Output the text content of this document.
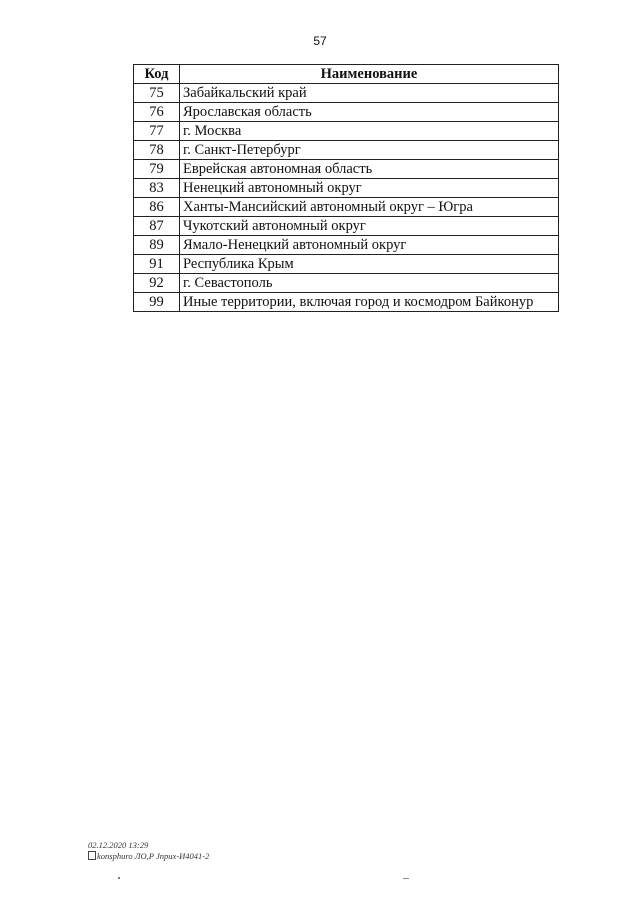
57
Код	Наименование
75	Забайкальский край
76	Ярославская область
77	г. Москва
78	г. Санкт-Петербург
79	Еврейская автономная область
83	Ненецкий автономный округ
86	Ханты-Мансийский автономный округ – Югра
87	Чукотский автономный округ
89	Ямало-Ненецкий автономный округ
91	Республика Крым
92	г. Севастополь
99	Иные территории, включая город и космодром Байконур
02.12.2020 13:29
konsphuro ЛО,Р Jnpux-И4041-2
